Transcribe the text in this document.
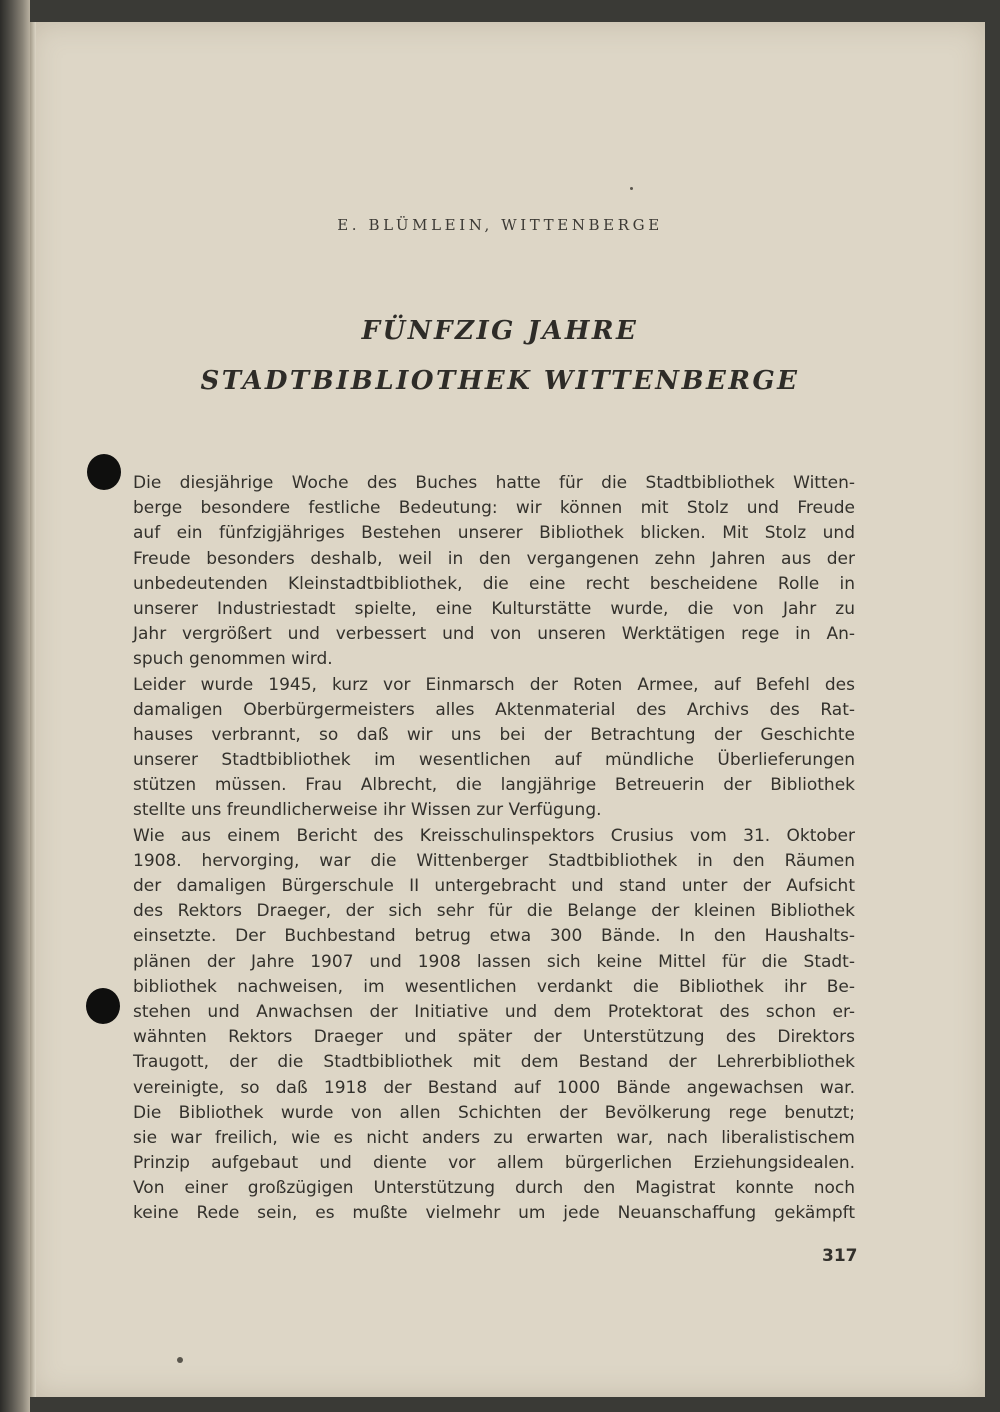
E. BLÜMLEIN, WITTENBERGE
FÜNFZIG JAHRE
STADTBIBLIOTHEK WITTENBERGE
Die diesjährige Woche des Buches hatte für die Stadtbibliothek Witten-
berge besondere festliche Bedeutung: wir können mit Stolz und Freude
auf ein fünfzigjähriges Bestehen unserer Bibliothek blicken. Mit Stolz und
Freude besonders deshalb, weil in den vergangenen zehn Jahren aus der
unbedeutenden Kleinstadtbibliothek, die eine recht bescheidene Rolle in
unserer Industriestadt spielte, eine Kulturstätte wurde, die von Jahr zu
Jahr vergrößert und verbessert und von unseren Werktätigen rege in An-
spuch genommen wird.
Leider wurde 1945, kurz vor Einmarsch der Roten Armee, auf Befehl des
damaligen Oberbürgermeisters alles Aktenmaterial des Archivs des Rat-
hauses verbrannt, so daß wir uns bei der Betrachtung der Geschichte
unserer Stadtbibliothek im wesentlichen auf mündliche Überlieferungen
stützen müssen. Frau Albrecht, die langjährige Betreuerin der Bibliothek
stellte uns freundlicherweise ihr Wissen zur Verfügung.
Wie aus einem Bericht des Kreisschulinspektors Crusius vom 31. Oktober
1908. hervorging, war die Wittenberger Stadtbibliothek in den Räumen
der damaligen Bürgerschule II untergebracht und stand unter der Aufsicht
des Rektors Draeger, der sich sehr für die Belange der kleinen Bibliothek
einsetzte. Der Buchbestand betrug etwa 300 Bände. In den Haushalts-
plänen der Jahre 1907 und 1908 lassen sich keine Mittel für die Stadt-
bibliothek nachweisen, im wesentlichen verdankt die Bibliothek ihr Be-
stehen und Anwachsen der Initiative und dem Protektorat des schon er-
wähnten Rektors Draeger und später der Unterstützung des Direktors
Traugott, der die Stadtbibliothek mit dem Bestand der Lehrerbibliothek
vereinigte, so daß 1918 der Bestand auf 1000 Bände angewachsen war.
Die Bibliothek wurde von allen Schichten der Bevölkerung rege benutzt;
sie war freilich, wie es nicht anders zu erwarten war, nach liberalistischem
Prinzip aufgebaut und diente vor allem bürgerlichen Erziehungsidealen.
Von einer großzügigen Unterstützung durch den Magistrat konnte noch
keine Rede sein, es mußte vielmehr um jede Neuanschaffung gekämpft
317
